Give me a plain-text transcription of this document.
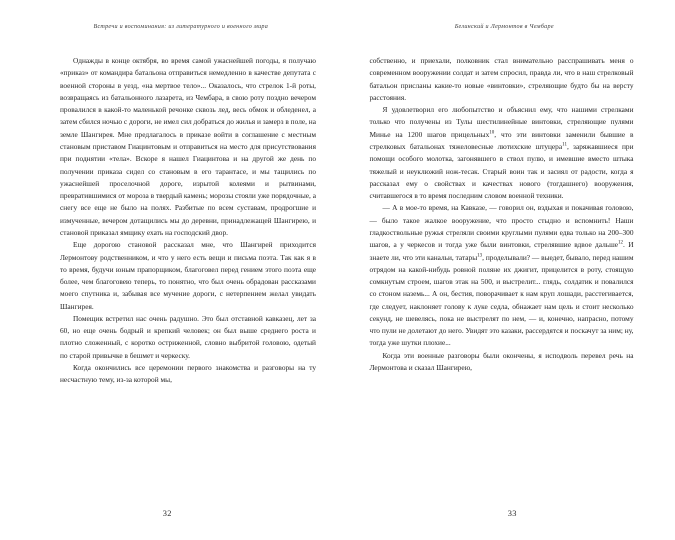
Встречи и воспоминания: из литературного и военного мира

Однажды в конце октября, во время самой ужаснейшей погоды, я получаю «приказ» от командира батальона отправиться немедленно в качестве депутата с военной стороны в уезд, «на мертвое тело»... Оказалось, что стрелок 1-й роты, возвращаясь из батальонного лазарета, из Чембара, в свою роту поздно вечером провалился в какой-то маленькой речонке сквозь лед, весь обмок и обледенел, а затем сбился ночью с дороги, не имел сил добраться до жилья и замерз в поле, на земле Шангирея. Мне предлагалось в приказе войти в соглашение с местным становым приставом Гиацинтовым и отправиться на место для присутствования при поднятии «тела». Вскоре я нашел Гиацинтова и на другой же день по получении приказа сидел со становым в его тарантасе, и мы тащились по ужаснейшей проселочной дороге, изрытой колеями и рытвинами, превратившимися от мороза в твердый камень; морозы стояли уже порядочные, а снегу все еще не было на полях. Разбитые по всем суставам, продрогшие и измученные, вечером дотащились мы до деревни, принадлежащей Шангирею, и становой приказал ямщику ехать на господский двор.

Еще дорогою становой рассказал мне, что Шангирей приходится Лермонтову родственником, и что у него есть вещи и письма поэта. Так как я в то время, будучи юным прапорщиком, благоговел перед гением этого поэта еще более, чем благоговею теперь, то понятно, что был очень обрадован рассказами моего спутника и, забывая все мучение дороги, с нетерпением желал увидать Шангирея.

Помещик встретил нас очень радушно. Это был отставной кавказец, лет за 60, но еще очень бодрый и крепкий человек; он был выше среднего роста и плотно сложенный, с коротко остриженной, словно выбритой головою, одетый по старой привычке в бешмет и черкеску.

Когда окончились все церемонии первого знакомства и разговоры на ту несчастную тему, из-за которой мы,

32
Белинский и Лермонтов в Чембаре

собственно, и приехали, полковник стал внимательно расспрашивать меня о современном вооружении солдат и затем спросил, правда ли, что в наш стрелковый батальон присланы какие-то новые «винтовки», стреляющие будто бы на версту расстояния.

Я удовлетворил его любопытство и объяснил ему, что нашими стрелками только что получены из Тулы шестилинейные винтовки, стреляющие пулями Минье на 1200 шагов прицельных$^{10}$, что эти винтовки заменили бывшие в стрелковых батальонах тяжеловесные лютихские штуцера$^{11}$, заряжавшиеся при помощи особого молотка, загонявшего в ствол пулю, и имевшие вместо штыка тяжелый и неуклюжий нож-тесак. Старый воин так и засиял от радости, когда я рассказал ему о свойствах и качествах нового (тогдашнего) вооружения, считавшегося в то время последним словом военной техники.

— А в мое-то время, на Кавказе, — говорил он, вздыхая и покачивая головою, — было такое жалкое вооружение, что просто стыдно и вспомнить! Наши гладкоствольные ружья стреляли своими круглыми пулями едва только на 200–300 шагов, а у черкесов и тогда уже были винтовки, стрелявшие вдвое дальше$^{12}$. И знаете ли, что эти канальи, татары$^{13}$, проделывали? — выедет, бывало, перед нашим отрядом на какой-нибудь ровной поляне их джигит, прицелится в роту, стоящую сомкнутым строем, шагов этак на 500, и выстрелит... глядь, солдатик и повалился со стоном наземь... А он, бестия, поворачивает к нам круп лошади, расстегивается, где следует, наклоняет голову к луке седла, обнажает нам цель и стоит несколько секунд, не шевелясь, пока не выстрелят по нем, — и, конечно, напрасно, потому что пули не долетают до него. Увидят это казаки, рассердятся и поскачут за ним; ну, тогда уже шутки плохие...

Когда эти военные разговоры были окончены, я исподволь перевел речь на Лермонтова и сказал Шангирею,

33
